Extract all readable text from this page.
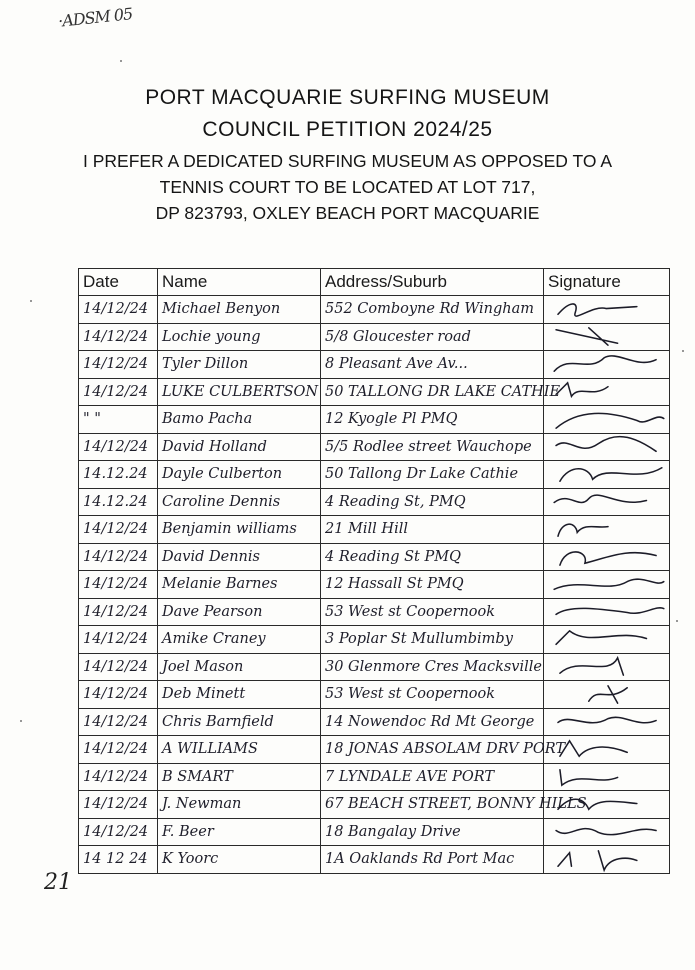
·ADSM 05
PORT MACQUARIE SURFING MUSEUM
COUNCIL PETITION 2024/25
I PREFER A DEDICATED SURFING MUSEUM AS OPPOSED TO A
TENNIS COURT TO BE LOCATED AT LOT 717,
DP 823793, OXLEY BEACH PORT MACQUARIE
Date	Name	Address/Suburb	Signature
14/12/24	Michael Benyon	552 Comboyne Rd Wingham	

14/12/24	Lochie young	5/8 Gloucester road	

14/12/24	Tyler Dillon	8 Pleasant Ave Av...	

14/12/24	LUKE CULBERTSON	50 TALLONG DR LAKE CATHIE	

" "	Bamo Pacha	12 Kyogle Pl PMQ	

14/12/24	David Holland	5/5 Rodlee street Wauchope	

14.12.24	Dayle Culberton	50 Tallong Dr Lake Cathie	

14.12.24	Caroline Dennis	4 Reading St, PMQ	

14/12/24	Benjamin williams	21 Mill Hill	

14/12/24	David Dennis	4 Reading St PMQ	

14/12/24	Melanie Barnes	12 Hassall St PMQ	

14/12/24	Dave Pearson	53 West st Coopernook	

14/12/24	Amike Craney	3 Poplar St Mullumbimby	

14/12/24	Joel Mason	30 Glenmore Cres Macksville	

14/12/24	Deb Minett	53 West st Coopernook	

14/12/24	Chris Barnfield	14 Nowendoc Rd Mt George	

14/12/24	A WILLIAMS	18 JONAS ABSOLAM DRV PORT	

14/12/24	B SMART	7 LYNDALE AVE PORT	

14/12/24	J. Newman	67 BEACH STREET, BONNY HILLS	

14/12/24	F. Beer	18 Bangalay Drive	

14 12 24	K Yoorc	1A Oaklands Rd Port Mac	
21
